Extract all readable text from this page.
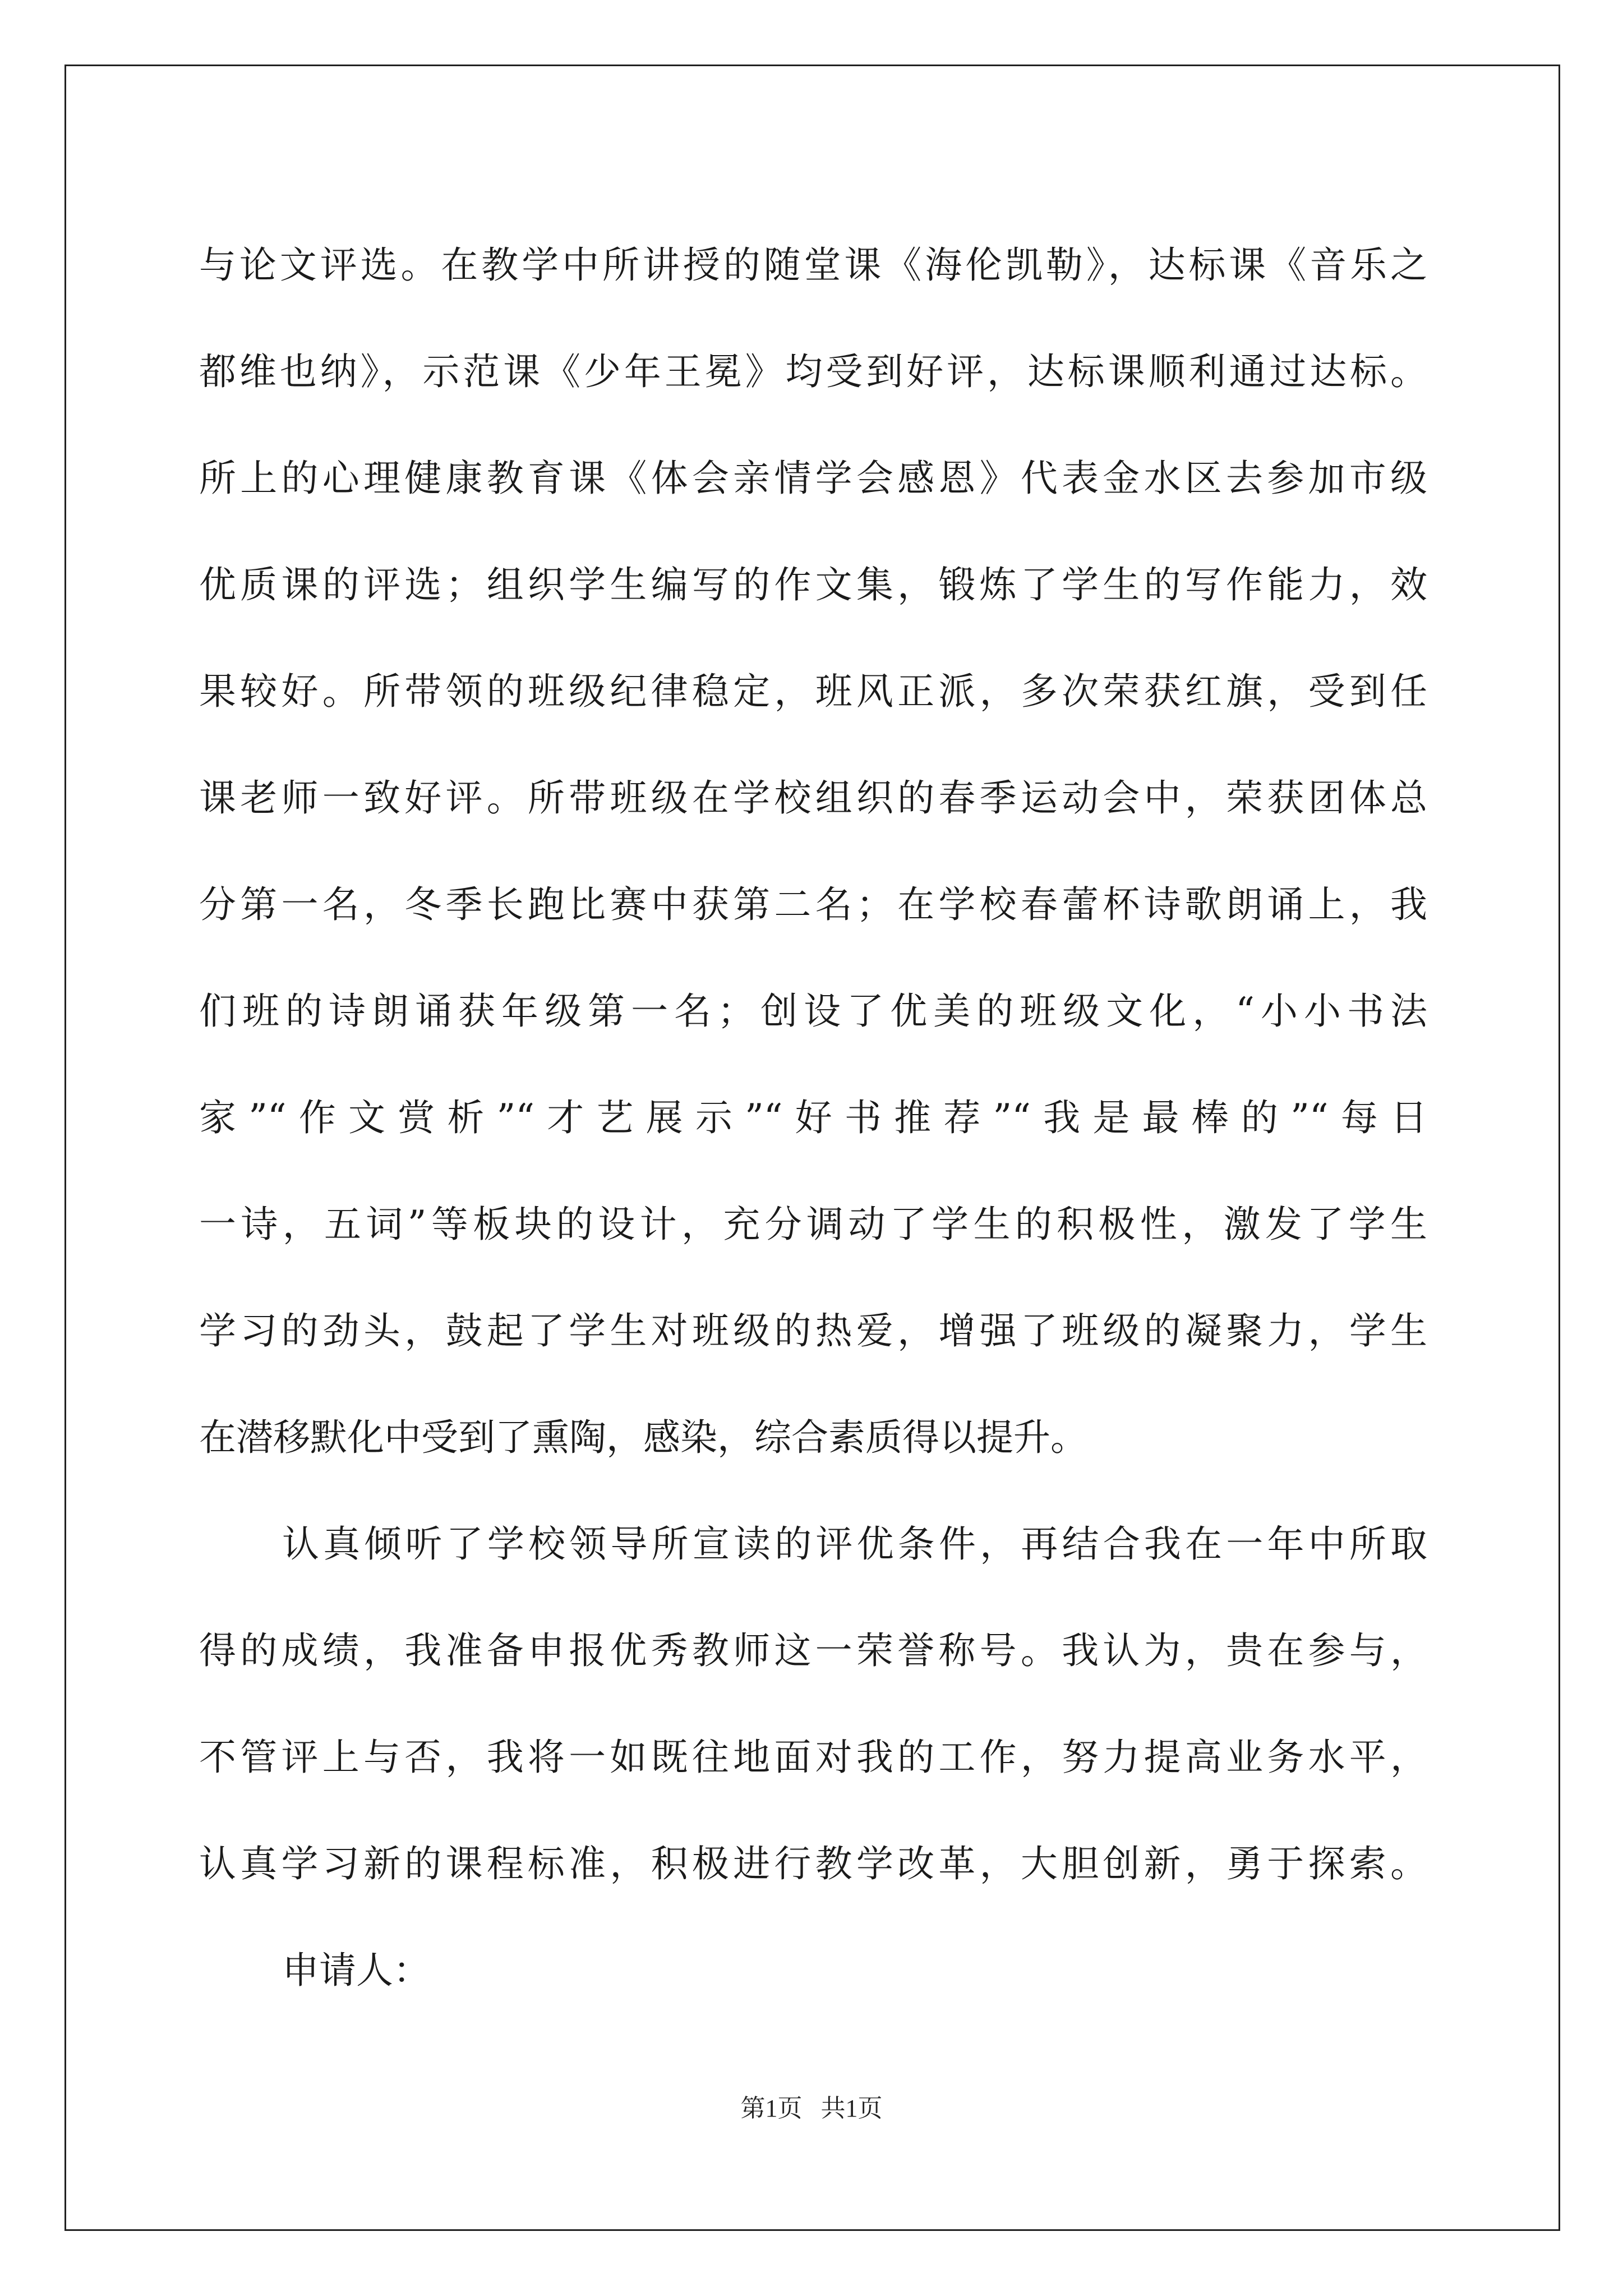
与论文评选。在教学中所讲授的随堂课《海伦凯勒》，达标课《音乐之
都维也纳》，示范课《少年王冕》均受到好评，达标课顺利通过达标。
所上的心理健康教育课《体会亲情学会感恩》代表金水区去参加市级
优质课的评选；组织学生编写的作文集，锻炼了学生的写作能力，效
果较好。所带领的班级纪律稳定，班风正派，多次荣获红旗，受到任
课老师一致好评。所带班级在学校组织的春季运动会中，荣获团体总
分第一名，冬季长跑比赛中获第二名；在学校春蕾杯诗歌朗诵上，我
们班的诗朗诵获年级第一名；创设了优美的班级文化，“小小书法
家”“作文赏析”“才艺展示”“好书推荐”“我是最棒的”“每日
一诗，五词”等板块的设计，充分调动了学生的积极性，激发了学生
学习的劲头，鼓起了学生对班级的热爱，增强了班级的凝聚力，学生
在潜移默化中受到了熏陶，感染，综合素质得以提升。
认真倾听了学校领导所宣读的评优条件，再结合我在一年中所取
得的成绩，我准备申报优秀教师这一荣誉称号。我认为，贵在参与，
不管评上与否，我将一如既往地面对我的工作，努力提高业务水平，
认真学习新的课程标准，积极进行教学改革，大胆创新，勇于探索。
申请人：
第1页 共1页
